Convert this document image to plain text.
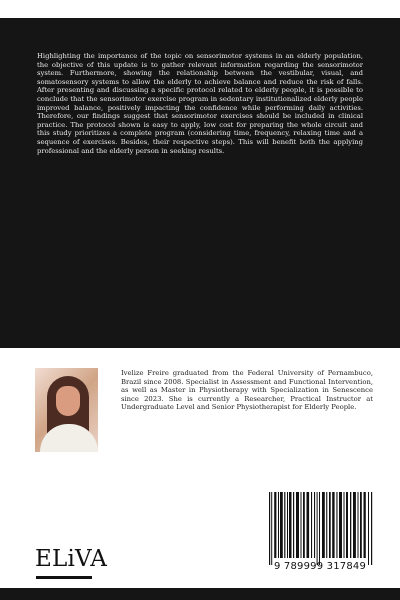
Highlighting the importance of the topic on sensorimotor systems in an elderly population, the objective of this update is to gather relevant information regarding the sensorimotor system. Furthermore, showing the relationship between the vestibular, visual, and somatosensory systems to allow the elderly to achieve balance and reduce the risk of falls. After presenting and discussing a specific protocol related to elderly people, it is possible to conclude that the sensorimotor exercise program in sedentary institutionalized elderly people improved balance, positively impacting the confidence while performing daily activities. Therefore, our findings suggest that sensorimotor exercises should be included in clinical practice. The protocol shown is easy to apply, low cost for preparing the whole circuit and this study prioritizes a complete program (considering time, frequency, relaxing time and a sequence of exercises. Besides, their respective steps). This will benefit both the applying professional and the elderly person in seeking results.
Ivelize Freire graduated from the Federal University of Pernambuco, Brazil since 2008. Specialist in Assessment and Functional Intervention, as well as Master in Physiotherapy with Specialization in Senescence since 2023. She is currently a Researcher, Practical Instructor at Undergraduate Level and Senior Physiotherapist for Elderly People.
9 789999 317849
ELiVA
